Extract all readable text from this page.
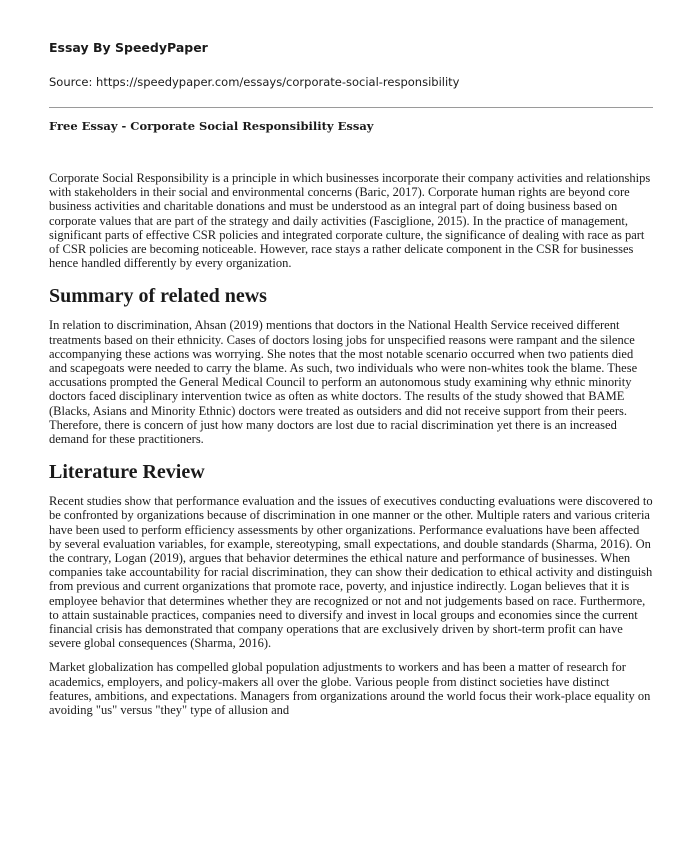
Essay By SpeedyPaper

Source: https://speedypaper.com/essays/corporate-social-responsibility

Free Essay - Corporate Social Responsibility Essay

Corporate Social Responsibility is a principle in which businesses incorporate their company activities and relationships with stakeholders in their social and environmental concerns (Baric, 2017). Corporate human rights are beyond core business activities and charitable donations and must be understood as an integral part of doing business based on corporate values that are part of the strategy and daily activities (Fasciglione, 2015). In the practice of management, significant parts of effective CSR policies and integrated corporate culture, the significance of dealing with race as part of CSR policies are becoming noticeable. However, race stays a rather delicate component in the CSR for businesses hence handled differently by every organization.

Summary of related news

In relation to discrimination, Ahsan (2019) mentions that doctors in the National Health Service received different treatments based on their ethnicity. Cases of doctors losing jobs for unspecified reasons were rampant and the silence accompanying these actions was worrying. She notes that the most notable scenario occurred when two patients died and scapegoats were needed to carry the blame. As such, two individuals who were non-whites took the blame. These accusations prompted the General Medical Council to perform an autonomous study examining why ethnic minority doctors faced disciplinary intervention twice as often as white doctors. The results of the study showed that BAME (Blacks, Asians and Minority Ethnic) doctors were treated as outsiders and did not receive support from their peers. Therefore, there is concern of just how many doctors are lost due to racial discrimination yet there is an increased demand for these practitioners.

Literature Review

Recent studies show that performance evaluation and the issues of executives conducting evaluations were discovered to be confronted by organizations because of discrimination in one manner or the other. Multiple raters and various criteria have been used to perform efficiency assessments by other organizations. Performance evaluations have been affected by several evaluation variables, for example, stereotyping, small expectations, and double standards (Sharma, 2016). On the contrary, Logan (2019), argues that behavior determines the ethical nature and performance of businesses. When companies take accountability for racial discrimination, they can show their dedication to ethical activity and distinguish from previous and current organizations that promote race, poverty, and injustice indirectly. Logan believes that it is employee behavior that determines whether they are recognized or not and not judgements based on race. Furthermore, to attain sustainable practices, companies need to diversify and invest in local groups and economies since the current financial crisis has demonstrated that company operations that are exclusively driven by short-term profit can have severe global consequences (Sharma, 2016).

Market globalization has compelled global population adjustments to workers and has been a matter of research for academics, employers, and policy-makers all over the globe. Various people from distinct societies have distinct features, ambitions, and expectations. Managers from organizations around the world focus their work-place equality on avoiding "us" versus "they" type of allusion and
